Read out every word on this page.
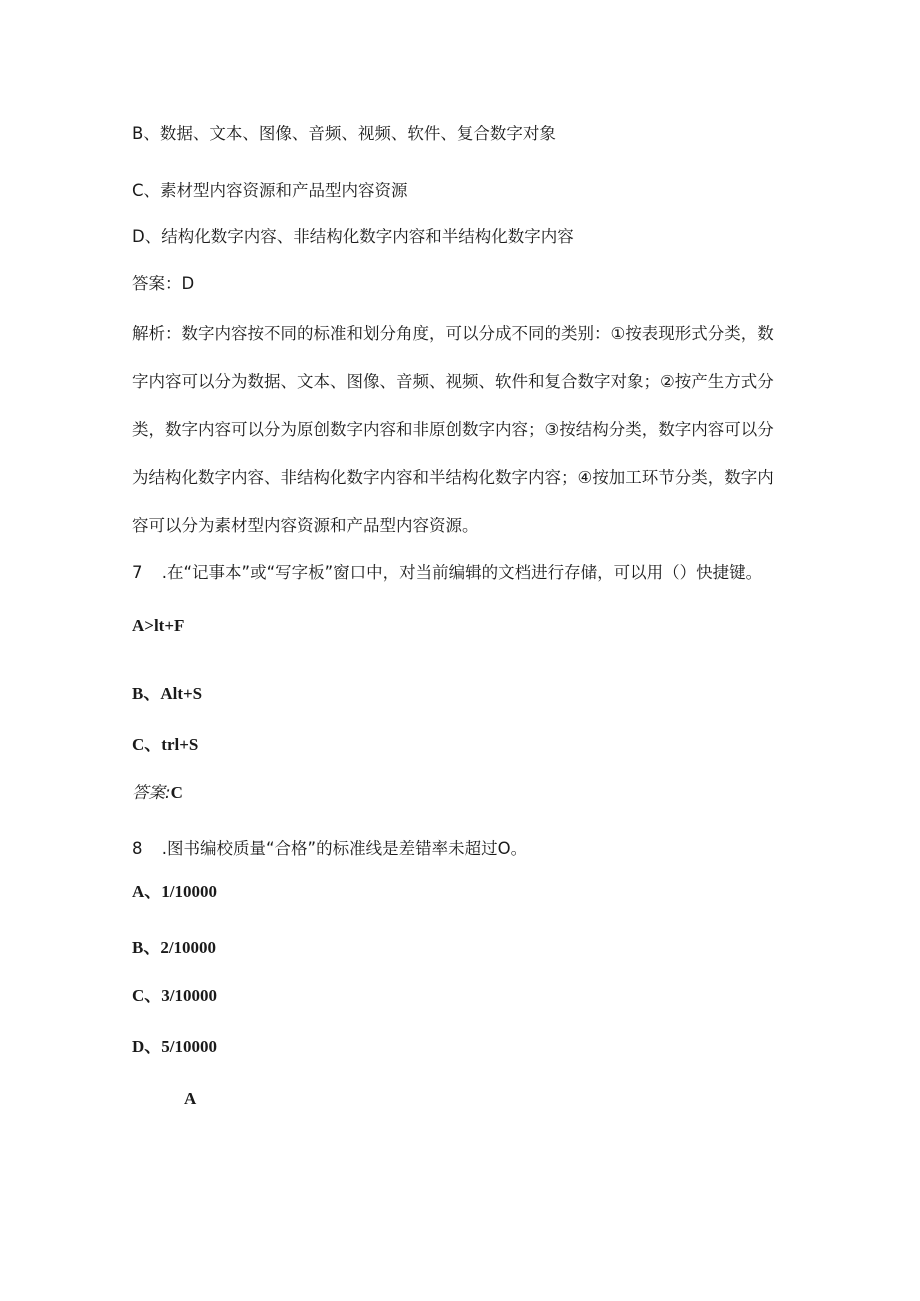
B、数据、文本、图像、音频、视频、软件、复合数字对象
C、素材型内容资源和产品型内容资源
D、结构化数字内容、非结构化数字内容和半结构化数字内容
答案：D
解析：数字内容按不同的标准和划分角度，可以分成不同的类别：①按表现形式分类，数
字内容可以分为数据、文本、图像、音频、视频、软件和复合数字对象；②按产生方式分
类，数字内容可以分为原创数字内容和非原创数字内容；③按结构分类，数字内容可以分
为结构化数字内容、非结构化数字内容和半结构化数字内容；④按加工环节分类，数字内
容可以分为素材型内容资源和产品型内容资源。
7 .在“记事本”或“写字板”窗口中，对当前编辑的文档进行存储，可以用（）快捷键。
A>lt+F
B、Alt+S
C、trl+S
答案:C
8 .图书编校质量“合格”的标准线是差错率未超过O。
A、1/10000
B、2/10000
C、3/10000
D、5/10000
A
